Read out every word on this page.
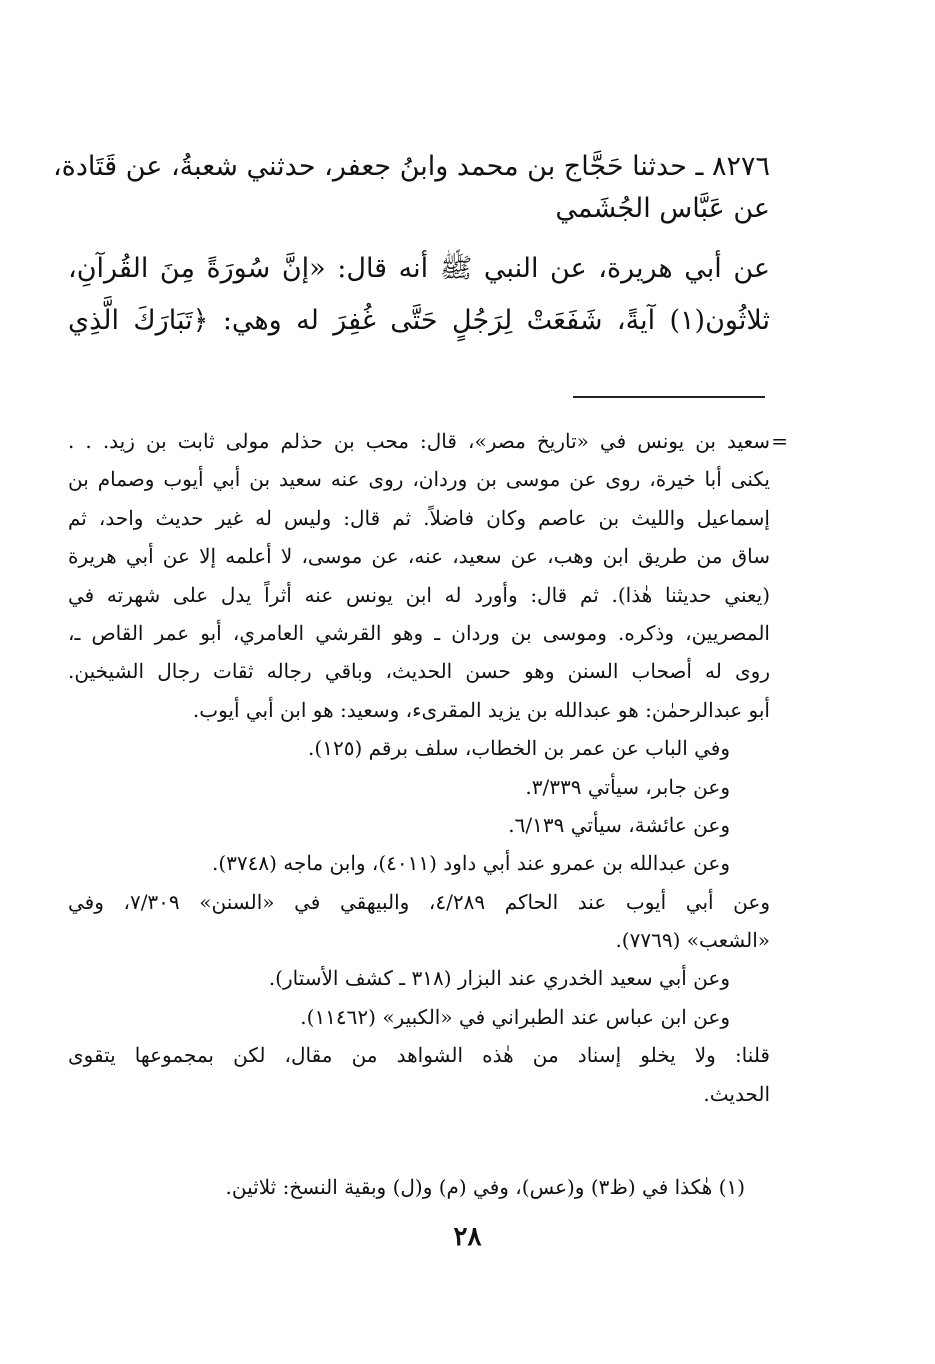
٨٢٧٦ ـ حدثنا حَجَّاج بن محمد وابنُ جعفر، حدثني شعبةُ، عن قَتَادة،
عن عَبَّاس الجُشَمي
عن أبي هريرة، عن النبي ﷺ أنه قال: «إنَّ سُورَةً مِنَ القُرآنِ،
ثلاثُون(١) آيةً، شَفَعَتْ لِرَجُلٍ حَتَّى غُفِرَ له وهي: ﴿تَبَارَكَ الَّذِي
=
سعيد بن يونس في «تاريخ مصر»، قال: محب بن حذلم مولى ثابت بن زيد. . .
يكنى أبا خيرة، روى عن موسى بن وردان، روى عنه سعيد بن أبي أيوب وصمام بن
إسماعيل والليث بن عاصم وكان فاضلاً. ثم قال: وليس له غير حديث واحد، ثم
ساق من طريق ابن وهب، عن سعيد، عنه، عن موسى، لا أعلمه إلا عن أبي هريرة
(يعني حديثنا هٰذا). ثم قال: وأورد له ابن يونس عنه أثراً يدل على شهرته في
المصريين، وذكره. وموسى بن وردان ـ وهو القرشي العامري، أبو عمر القاص ـ،
روى له أصحاب السنن وهو حسن الحديث، وباقي رجاله ثقات رجال الشيخين.
أبو عبدالرحمٰن: هو عبدالله بن يزيد المقرىء، وسعيد: هو ابن أبي أيوب.
وفي الباب عن عمر بن الخطاب، سلف برقم (١٢٥).
وعن جابر، سيأتي ٣/٣٣٩.
وعن عائشة، سيأتي ٦/١٣٩.
وعن عبدالله بن عمرو عند أبي داود (٤٠١١)، وابن ماجه (٣٧٤٨).
وعن أبي أيوب عند الحاكم ٤/٢٨٩، والبيهقي في «السنن» ٧/٣٠٩، وفي
«الشعب» (٧٧٦٩).
وعن أبي سعيد الخدري عند البزار (٣١٨ ـ كشف الأستار).
وعن ابن عباس عند الطبراني في «الكبير» (١١٤٦٢).
قلنا: ولا يخلو إسناد من هٰذه الشواهد من مقال، لكن بمجموعها يتقوى
الحديث.
(١) هٰكذا في (ظ٣) و(عس)، وفي (م) و(ل) وبقية النسخ: ثلاثين.
٢٨
